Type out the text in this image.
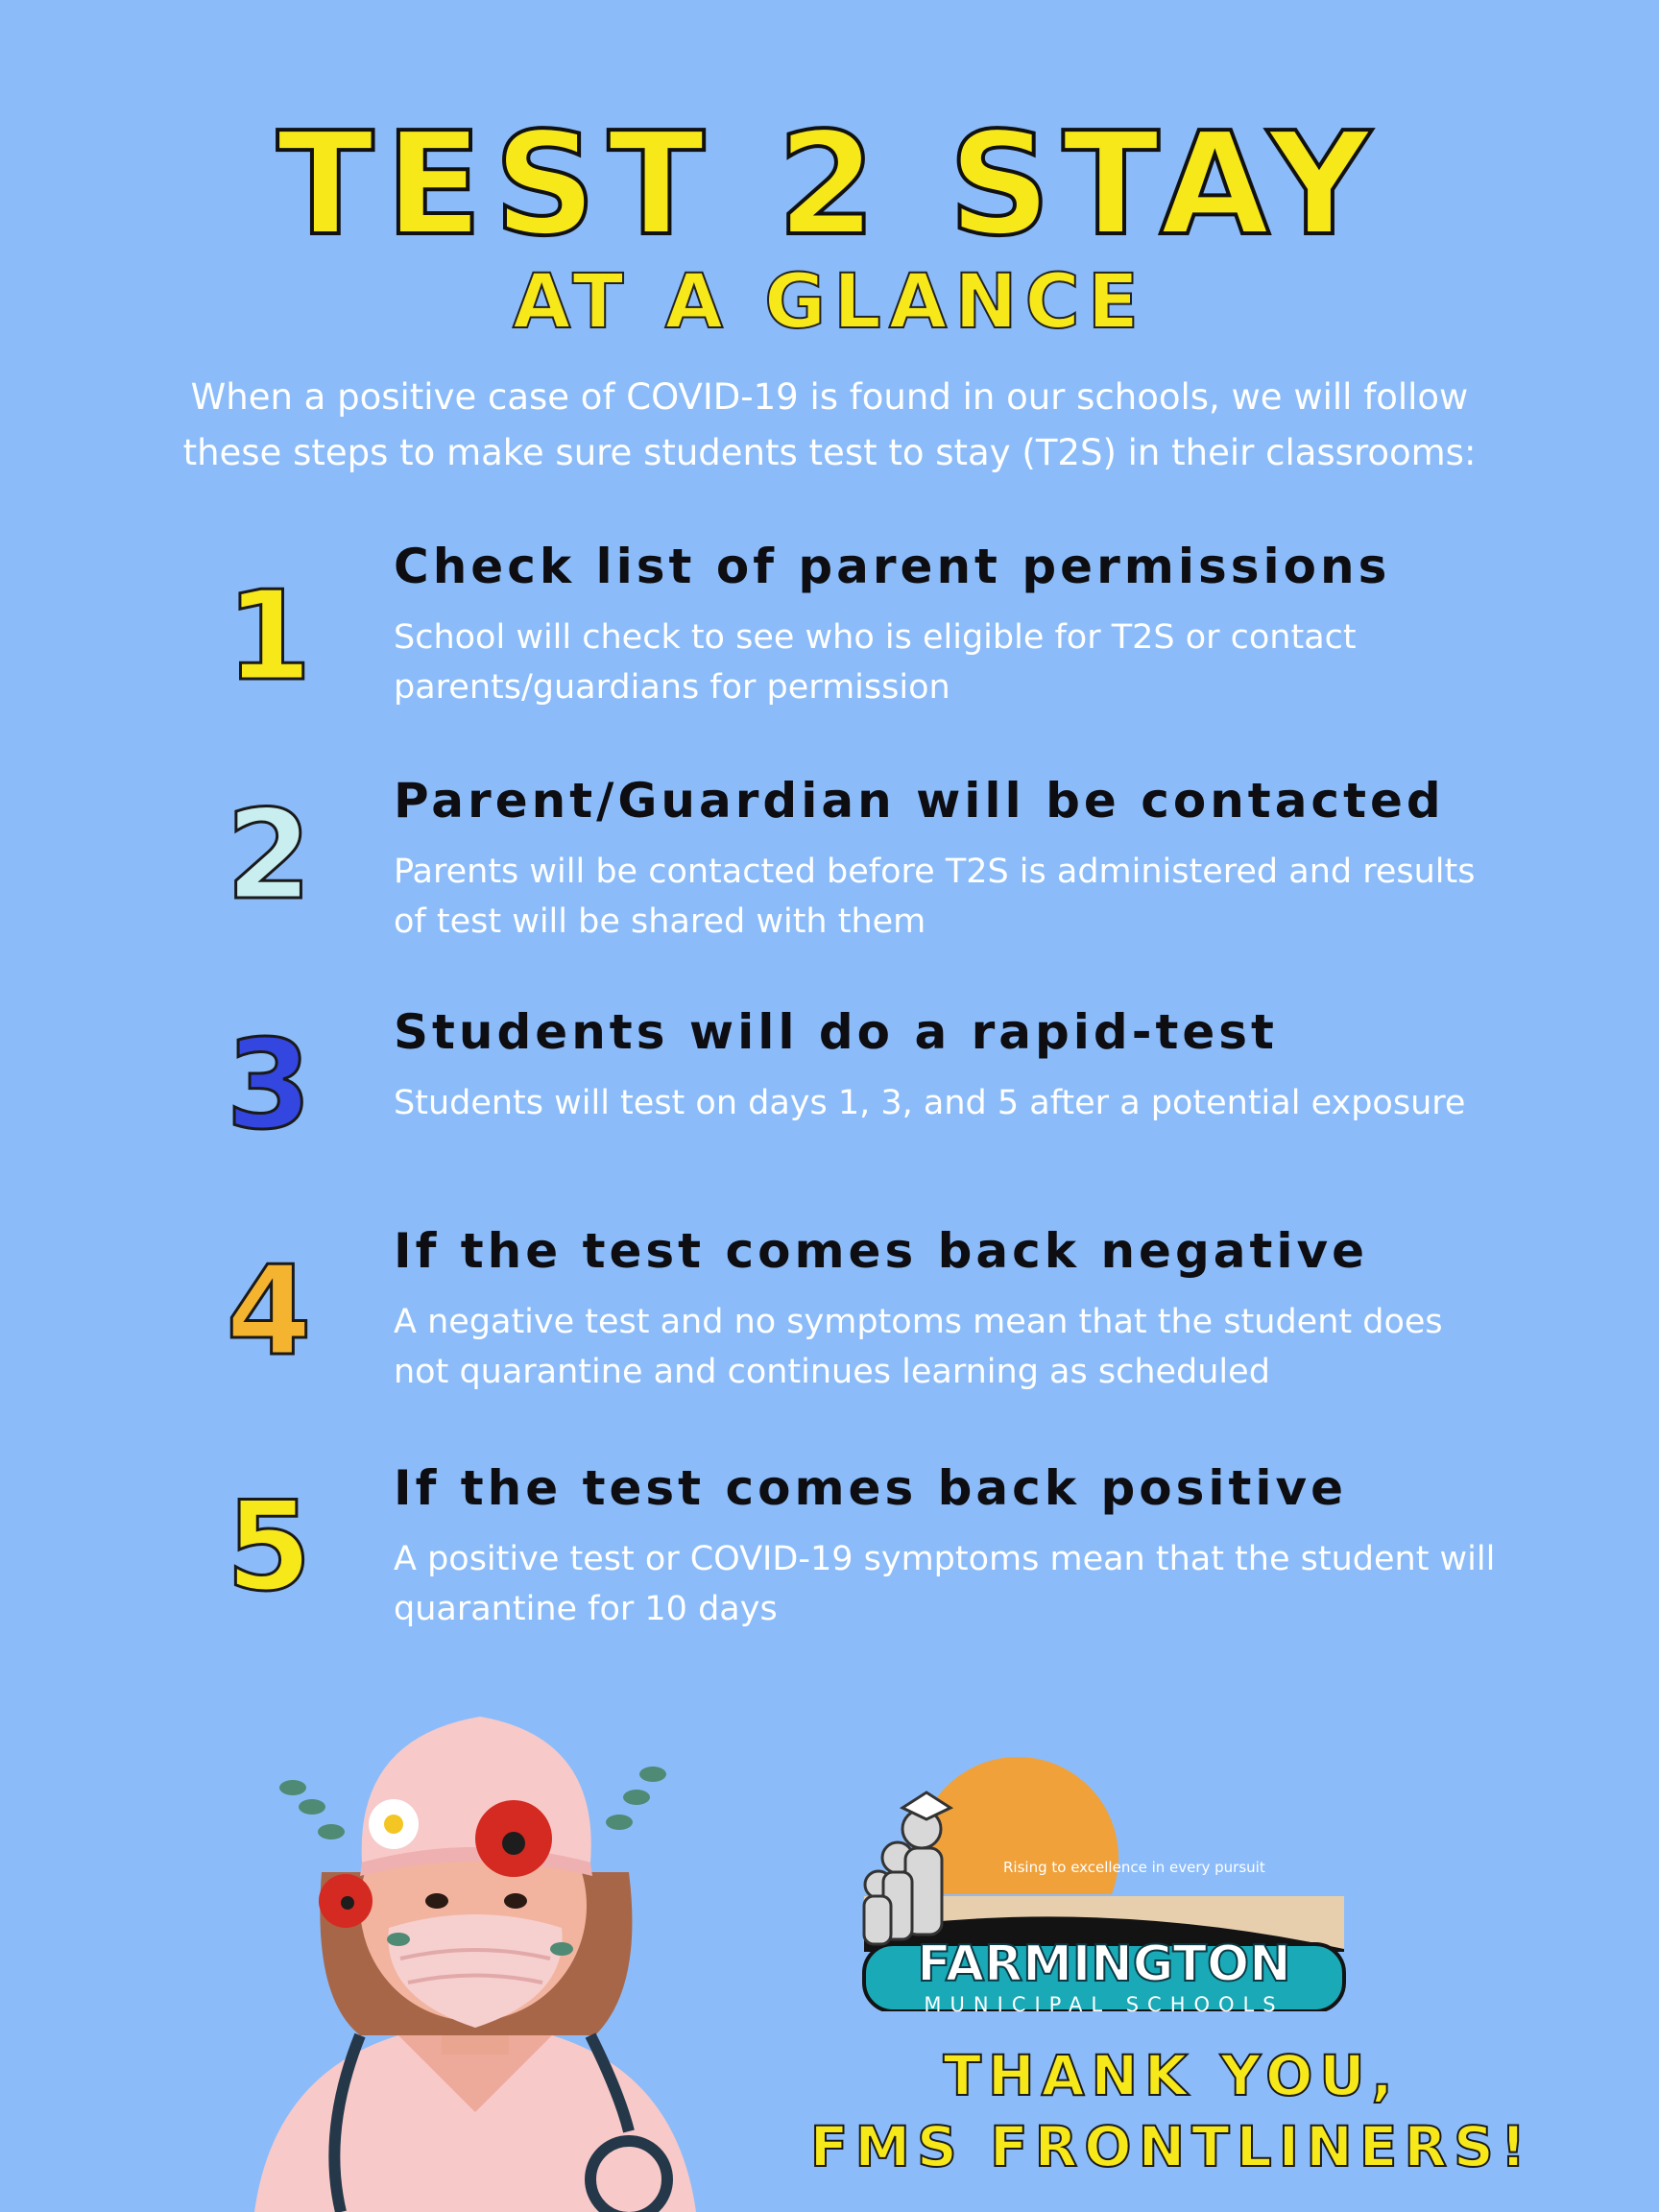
TEST 2 STAY
AT A GLANCE

When a positive case of COVID-19 is found in our schools, we will follow these steps to make sure students test to stay (T2S) in their classrooms:

1	Check list of parent permissions

School will check to see who is eligible for T2S or contact parents/guardians for permission

2	Parent/Guardian will be contacted

Parents will be contacted before T2S is administered and results of test will be shared with them

3	Students will do a rapid-test

Students will test on days 1, 3, and 5 after a potential exposure

4	If the test comes back negative

A negative test and no symptoms mean that the student does not quarantine and continues learning as scheduled

5	If the test comes back positive

A positive test or COVID-19 symptoms mean that the student will quarantine for 10 days

Rising to excellence in every pursuit
FARMINGTON
MUNICIPAL SCHOOLS

THANK YOU,
FMS FRONTLINERS!
